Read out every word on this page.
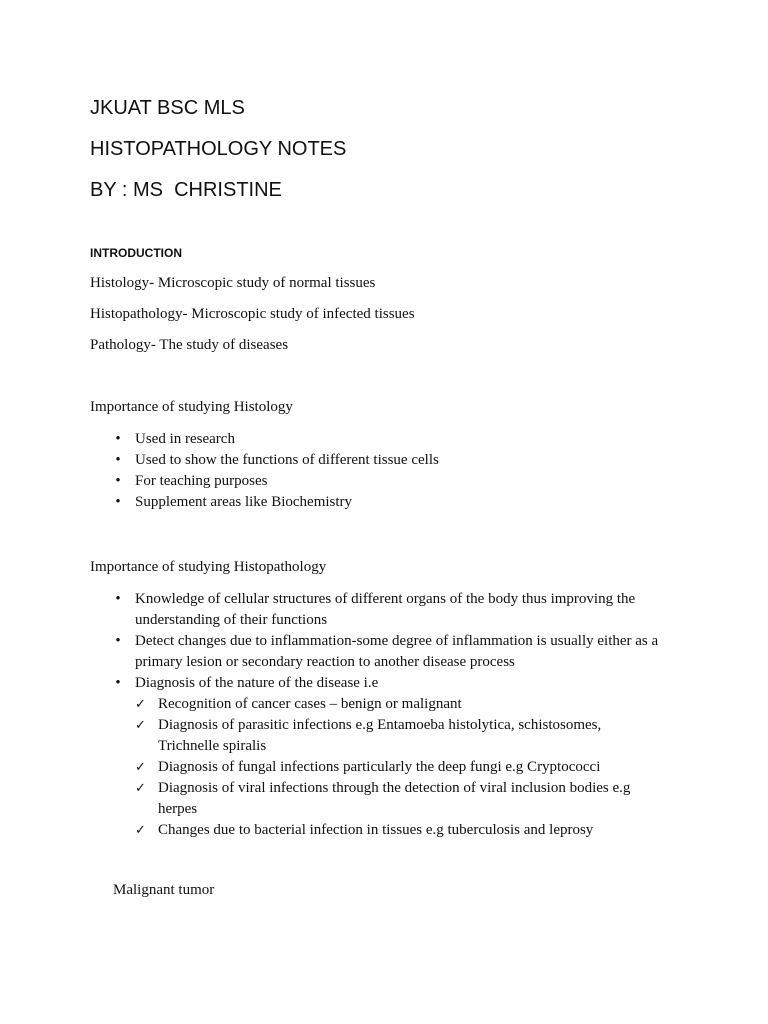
JKUAT BSC MLS
HISTOPATHOLOGY NOTES
BY : MS  CHRISTINE
INTRODUCTION
Histology- Microscopic study of normal tissues
Histopathology- Microscopic study of infected tissues
Pathology- The study of diseases
Importance of studying Histology
• Used in research
• Used to show the functions of different tissue cells
• For teaching purposes
• Supplement areas like Biochemistry
Importance of studying Histopathology
• Knowledge of cellular structures of different organs of the body thus improving the understanding of their functions
• Detect changes due to inflammation-some degree of inflammation is usually either as a primary lesion or secondary reaction to another disease process
• Diagnosis of the nature of the disease i.e
✓ Recognition of cancer cases – benign or malignant
✓ Diagnosis of parasitic infections e.g Entamoeba histolytica, schistosomes, Trichnelle spiralis
✓ Diagnosis of fungal infections particularly the deep fungi e.g Cryptococci
✓ Diagnosis of viral infections through the detection of viral inclusion bodies e.g herpes
✓ Changes due to bacterial infection in tissues e.g tuberculosis and leprosy
Malignant tumor
